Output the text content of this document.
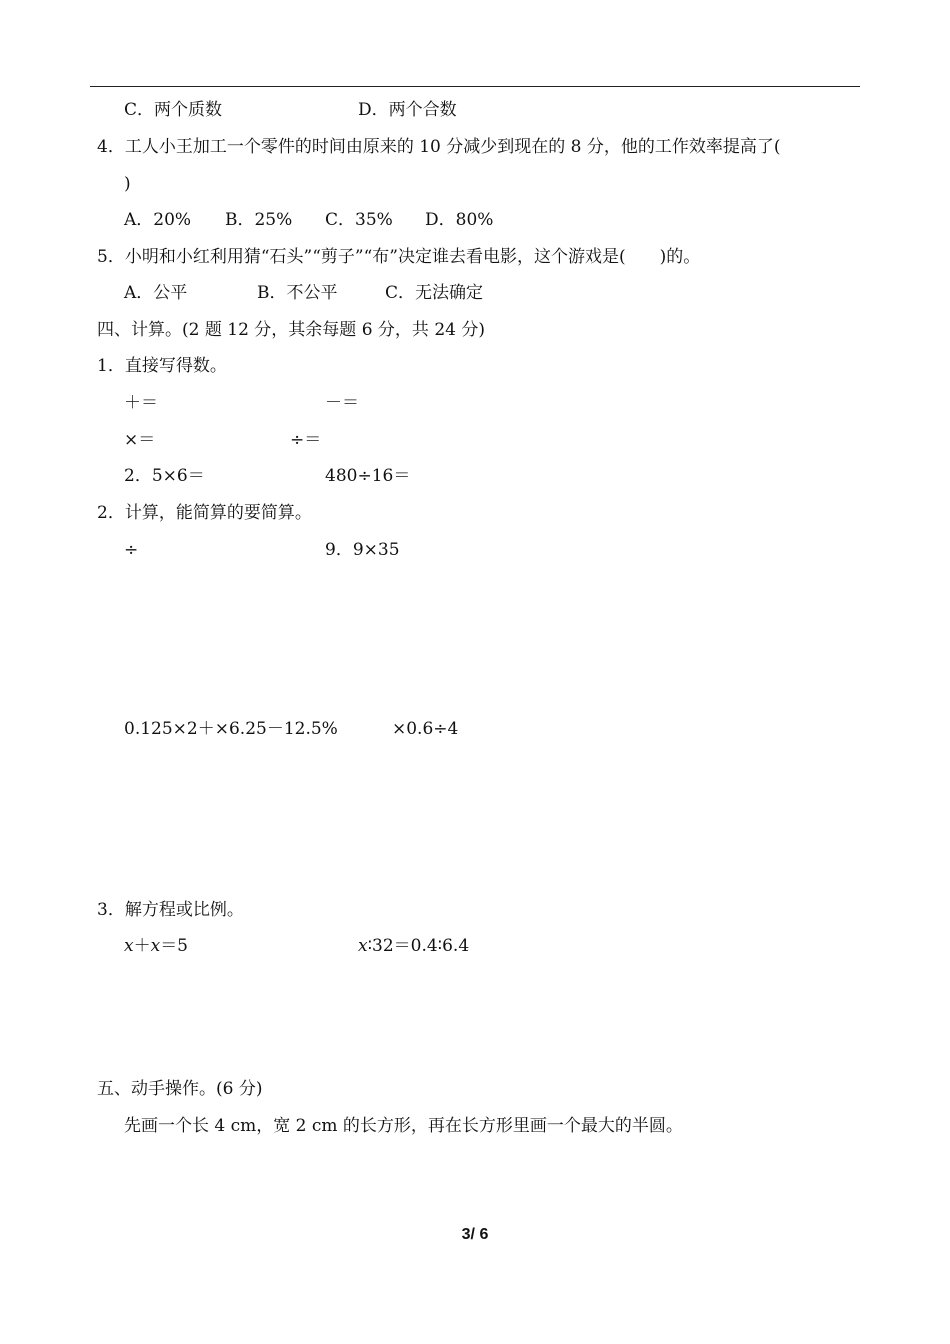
C．两个质数	D．两个合数
4．工人小王加工一个零件的时间由原来的 10 分减少到现在的 8 分，他的工作效率提高了(
)
A．20% B．25% C．35% D．80%
5．小明和小红利用猜“石头”“剪子”“布”决定谁去看电影，这个游戏是(　　)的。
A．公平	B．不公平	C．无法确定
四、计算。(2 题 12 分，其余每题 6 分，共 24 分)
1．直接写得数。
＋＝	－＝
×＝	÷＝
2．5×6＝	480÷16＝
2．计算，能简算的要简算。
÷	9．9×35
0.125×2＋×6.25－12.5%	×0.6÷4
3．解方程或比例。
x＋x＝5	x∶32＝0.4∶6.4
五、动手操作。(6 分)
先画一个长 4 cm，宽 2 cm 的长方形，再在长方形里画一个最大的半圆。
3/ 6
